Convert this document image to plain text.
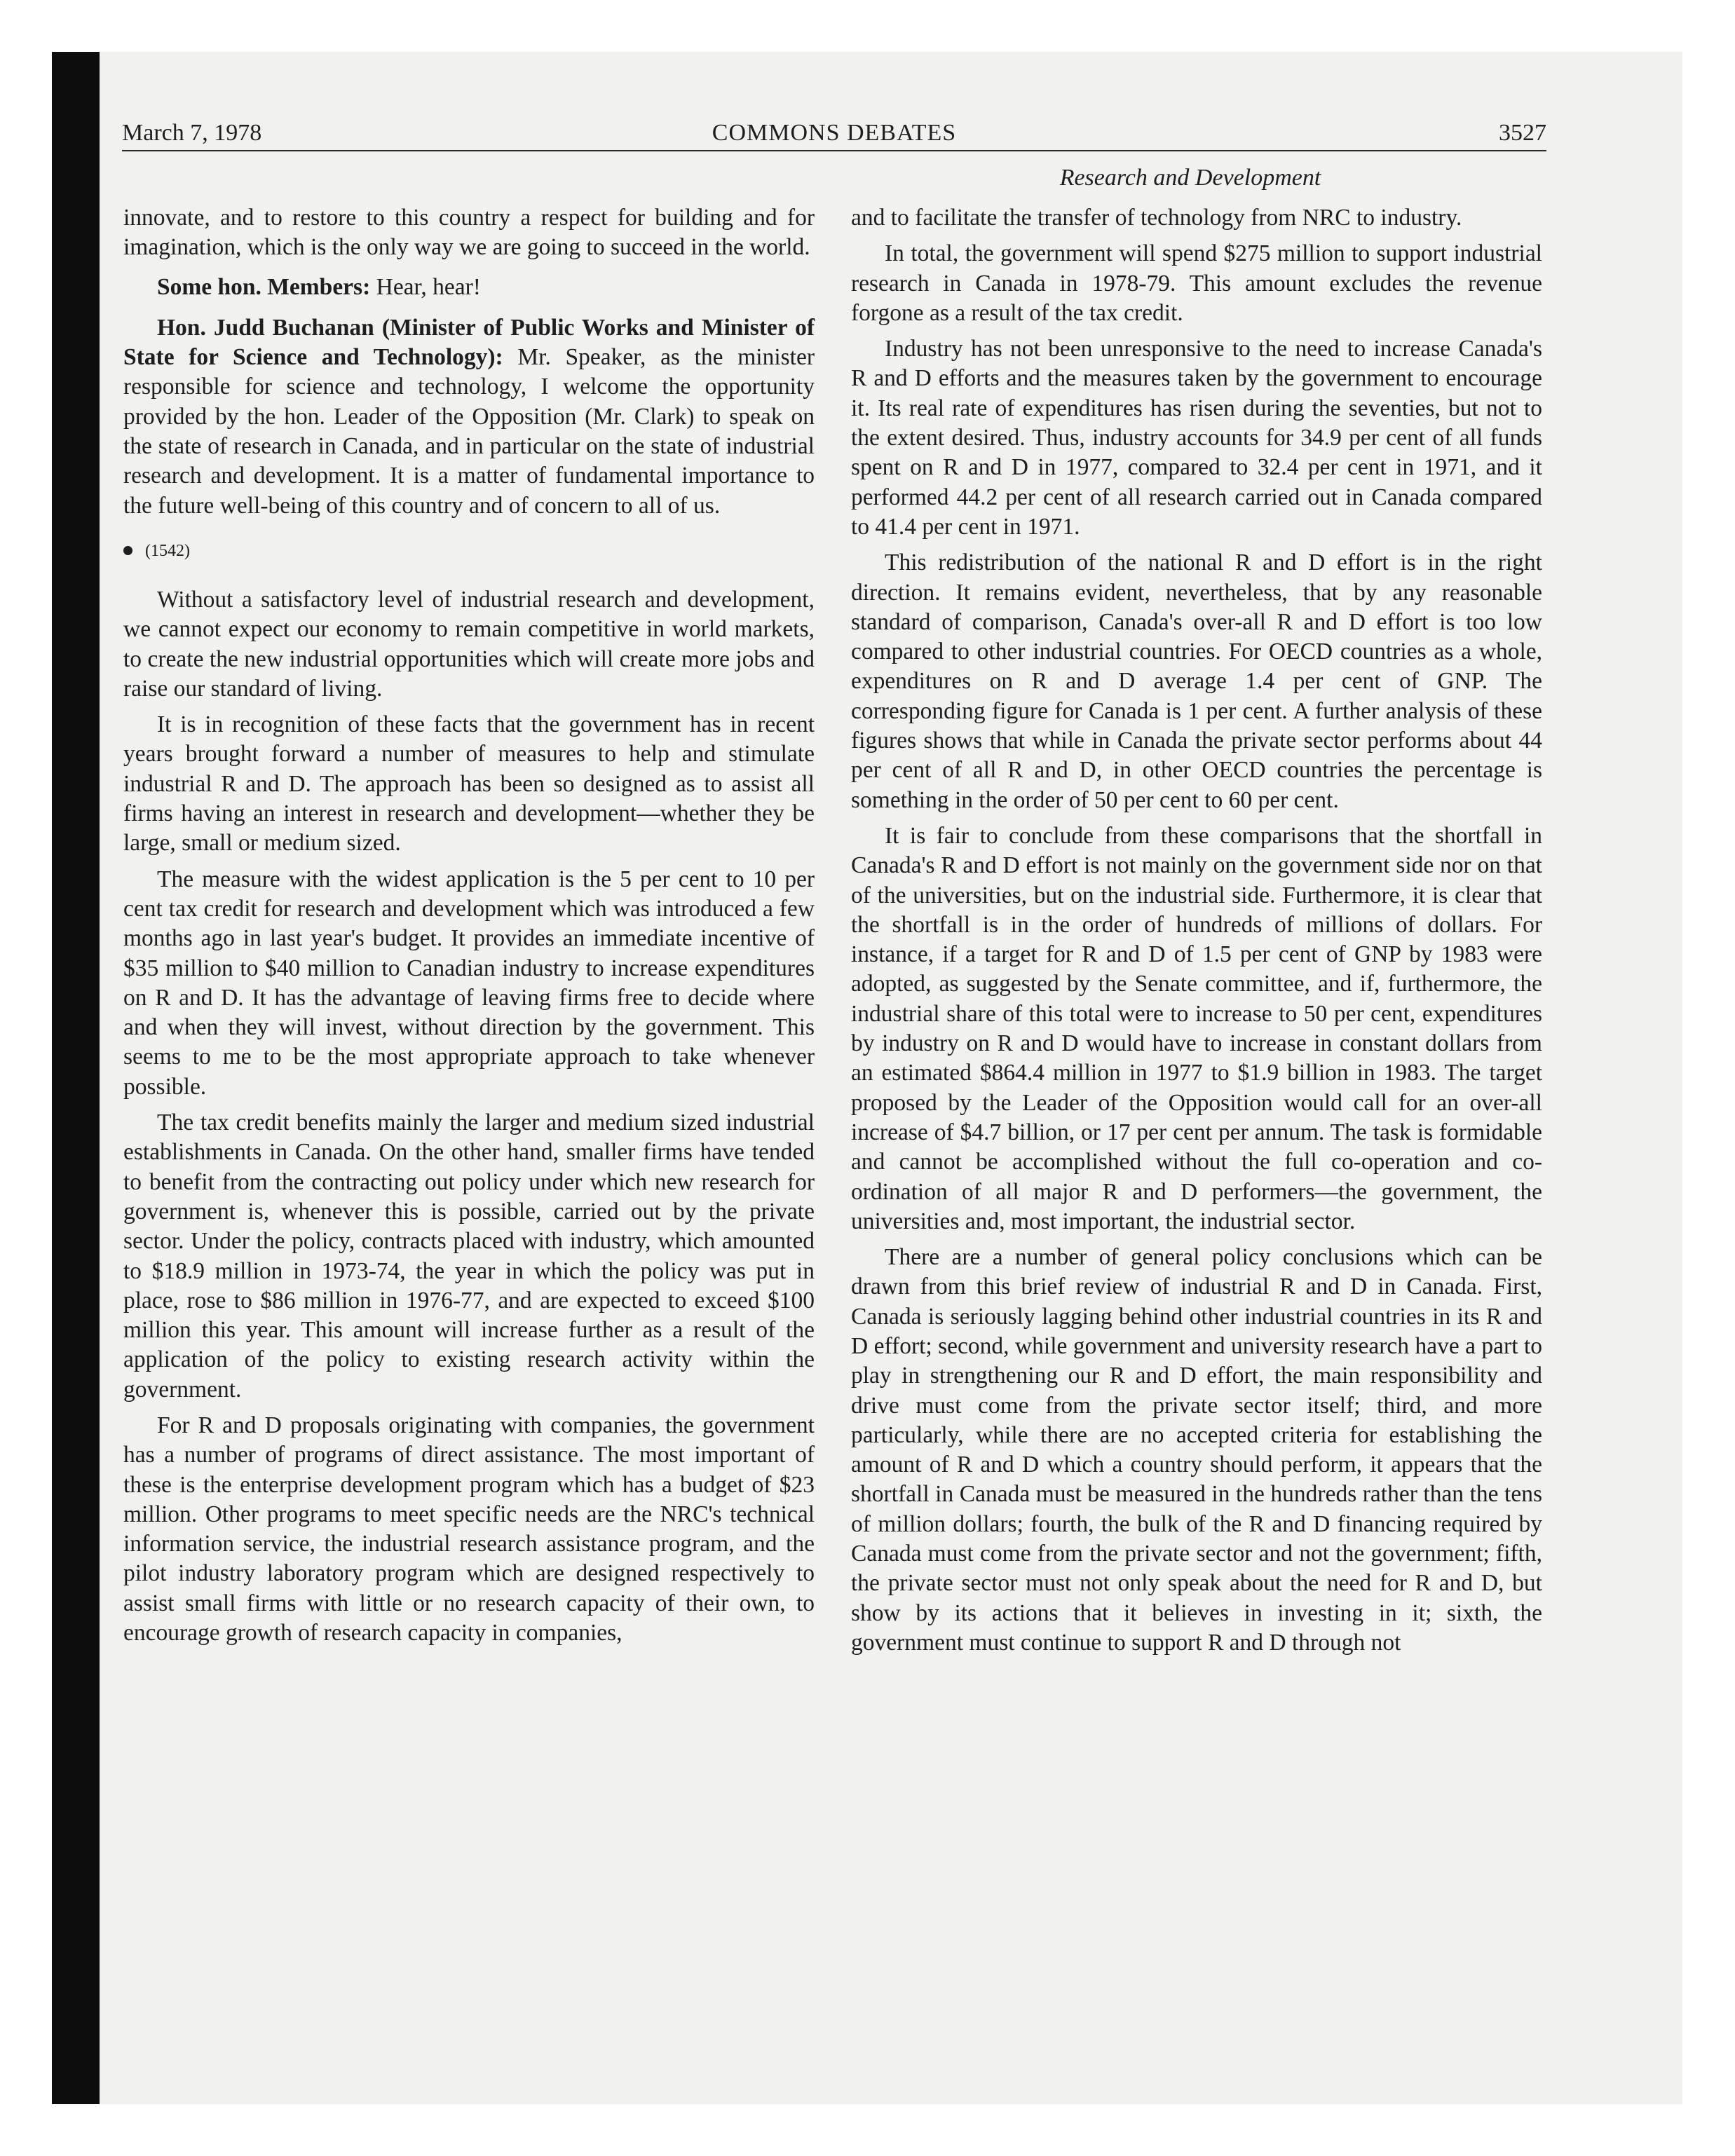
March 7, 1978	COMMONS DEBATES	3527
Research and Development

innovate, and to restore to this country a respect for building and for imagination, which is the only way we are going to succeed in the world.

Some hon. Members: Hear, hear!

Hon. Judd Buchanan (Minister of Public Works and Minister of State for Science and Technology): Mr. Speaker, as the minister responsible for science and technology, I welcome the opportunity provided by the hon. Leader of the Opposition (Mr. Clark) to speak on the state of research in Canada, and in particular on the state of industrial research and development. It is a matter of fundamental importance to the future well-being of this country and of concern to all of us.

(1542)

Without a satisfactory level of industrial research and development, we cannot expect our economy to remain competitive in world markets, to create the new industrial opportunities which will create more jobs and raise our standard of living.

It is in recognition of these facts that the government has in recent years brought forward a number of measures to help and stimulate industrial R and D. The approach has been so designed as to assist all firms having an interest in research and development—whether they be large, small or medium sized.

The measure with the widest application is the 5 per cent to 10 per cent tax credit for research and development which was introduced a few months ago in last year's budget. It provides an immediate incentive of $35 million to $40 million to Canadian industry to increase expenditures on R and D. It has the advantage of leaving firms free to decide where and when they will invest, without direction by the government. This seems to me to be the most appropriate approach to take whenever possible.

The tax credit benefits mainly the larger and medium sized industrial establishments in Canada. On the other hand, smaller firms have tended to benefit from the contracting out policy under which new research for government is, whenever this is possible, carried out by the private sector. Under the policy, contracts placed with industry, which amounted to $18.9 million in 1973-74, the year in which the policy was put in place, rose to $86 million in 1976-77, and are expected to exceed $100 million this year. This amount will increase further as a result of the application of the policy to existing research activity within the government.

For R and D proposals originating with companies, the government has a number of programs of direct assistance. The most important of these is the enterprise development program which has a budget of $23 million. Other programs to meet specific needs are the NRC's technical information service, the industrial research assistance program, and the pilot industry laboratory program which are designed respectively to assist small firms with little or no research capacity of their own, to encourage growth of research capacity in companies,

and to facilitate the transfer of technology from NRC to industry.

In total, the government will spend $275 million to support industrial research in Canada in 1978-79. This amount excludes the revenue forgone as a result of the tax credit.

Industry has not been unresponsive to the need to increase Canada's R and D efforts and the measures taken by the government to encourage it. Its real rate of expenditures has risen during the seventies, but not to the extent desired. Thus, industry accounts for 34.9 per cent of all funds spent on R and D in 1977, compared to 32.4 per cent in 1971, and it performed 44.2 per cent of all research carried out in Canada compared to 41.4 per cent in 1971.

This redistribution of the national R and D effort is in the right direction. It remains evident, nevertheless, that by any reasonable standard of comparison, Canada's over-all R and D effort is too low compared to other industrial countries. For OECD countries as a whole, expenditures on R and D average 1.4 per cent of GNP. The corresponding figure for Canada is 1 per cent. A further analysis of these figures shows that while in Canada the private sector performs about 44 per cent of all R and D, in other OECD countries the percentage is something in the order of 50 per cent to 60 per cent.

It is fair to conclude from these comparisons that the shortfall in Canada's R and D effort is not mainly on the government side nor on that of the universities, but on the industrial side. Furthermore, it is clear that the shortfall is in the order of hundreds of millions of dollars. For instance, if a target for R and D of 1.5 per cent of GNP by 1983 were adopted, as suggested by the Senate committee, and if, furthermore, the industrial share of this total were to increase to 50 per cent, expenditures by industry on R and D would have to increase in constant dollars from an estimated $864.4 million in 1977 to $1.9 billion in 1983. The target proposed by the Leader of the Opposition would call for an over-all increase of $4.7 billion, or 17 per cent per annum. The task is formidable and cannot be accomplished without the full co-operation and co-ordination of all major R and D performers—the government, the universities and, most important, the industrial sector.

There are a number of general policy conclusions which can be drawn from this brief review of industrial R and D in Canada. First, Canada is seriously lagging behind other industrial countries in its R and D effort; second, while government and university research have a part to play in strengthening our R and D effort, the main responsibility and drive must come from the private sector itself; third, and more particularly, while there are no accepted criteria for establishing the amount of R and D which a country should perform, it appears that the shortfall in Canada must be measured in the hundreds rather than the tens of million dollars; fourth, the bulk of the R and D financing required by Canada must come from the private sector and not the government; fifth, the private sector must not only speak about the need for R and D, but show by its actions that it believes in investing in it; sixth, the government must continue to support R and D through not
